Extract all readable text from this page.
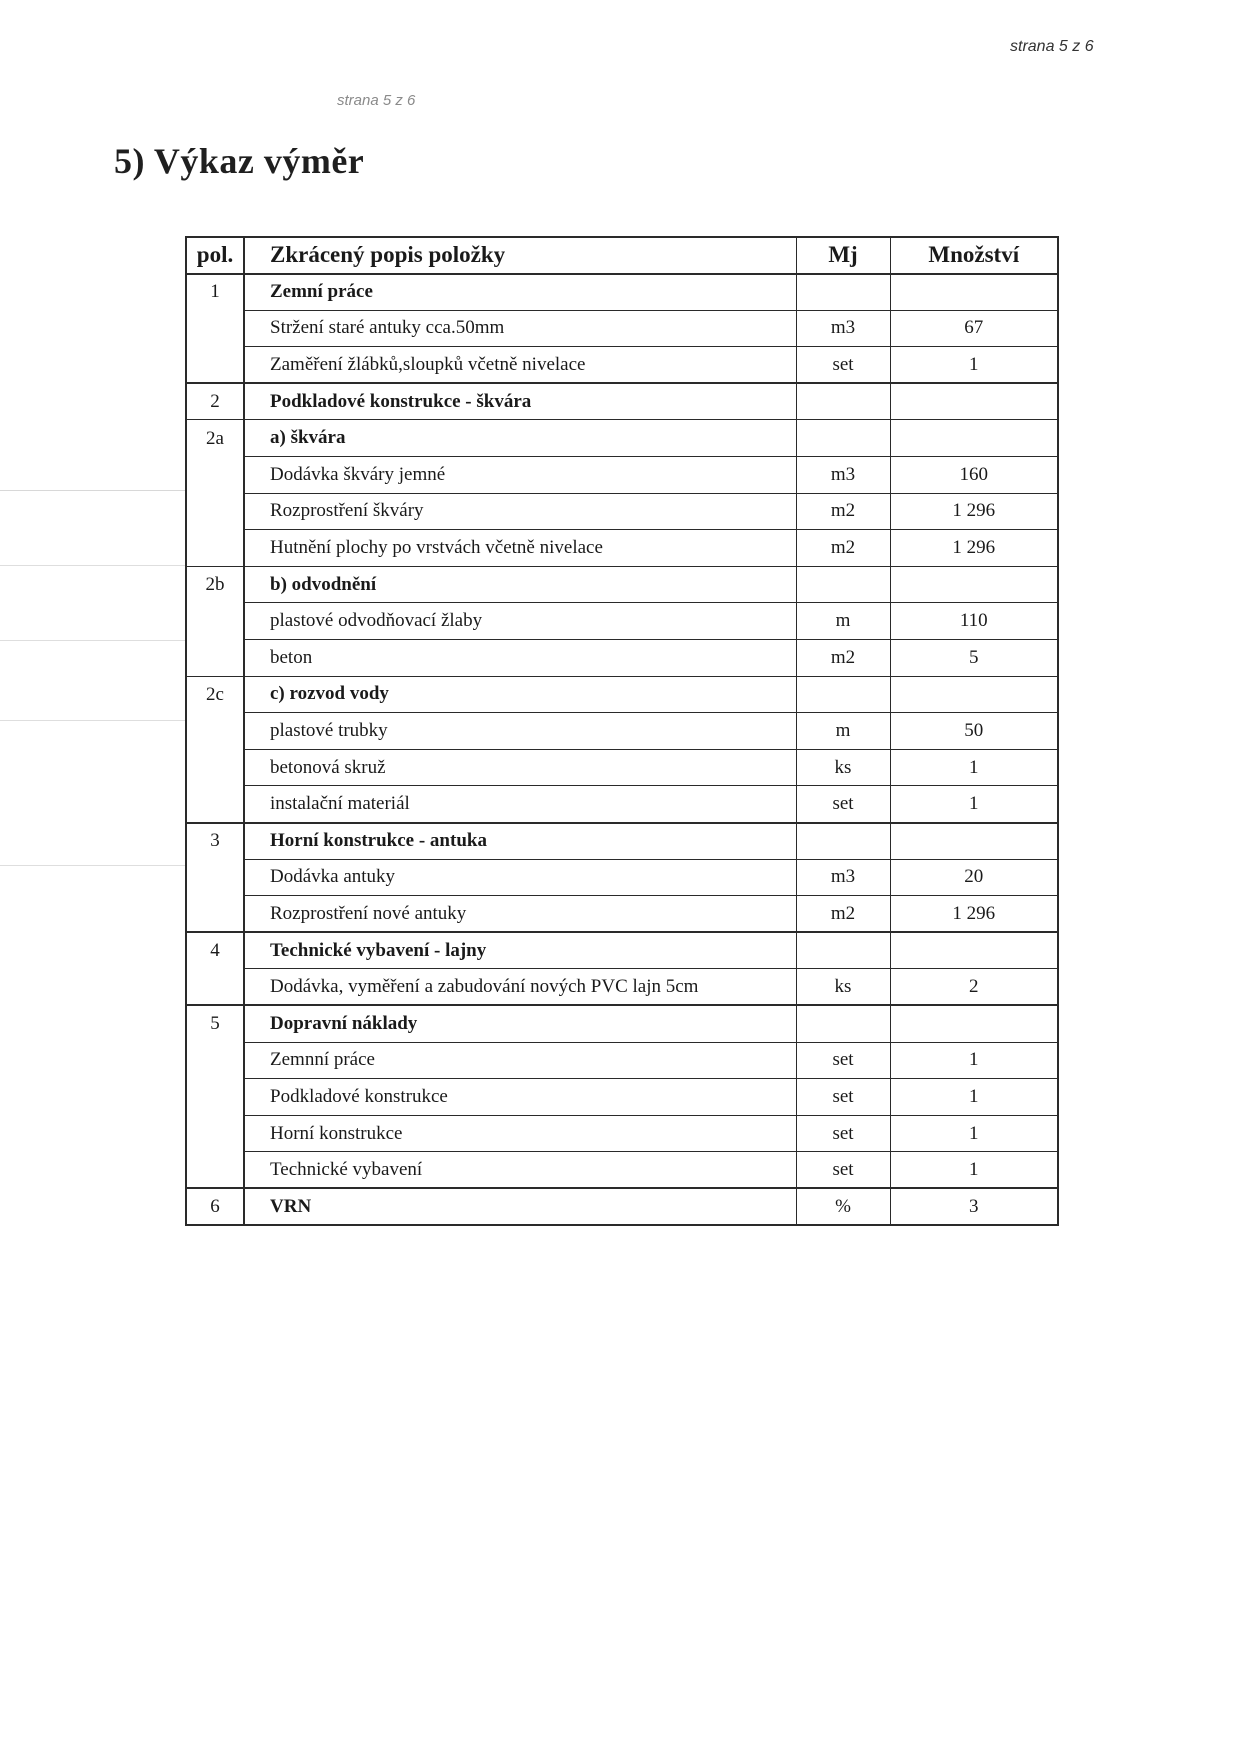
strana 5 z 6
strana 5 z 6
5) Výkaz výměr
pol.	Zkrácený popis položky	Mj	Množství
1	Zemní práce		
	Stržení staré antuky cca.50mm	m3	67
	Zaměření žlábků,sloupků včetně nivelace	set	1
2	Podkladové konstrukce - škvára		
2a	a) škvára		
	Dodávka škváry jemné	m3	160
	Rozprostření škváry	m2	1 296
	Hutnění plochy po vrstvách včetně nivelace	m2	1 296
2b	b) odvodnění		
	plastové odvodňovací žlaby	m	110
	beton	m2	5
2c	c) rozvod vody		
	plastové trubky	m	50
	betonová skruž	ks	1
	instalační materiál	set	1
3	Horní konstrukce - antuka		
	Dodávka antuky	m3	20
	Rozprostření nové antuky	m2	1 296
4	Technické vybavení - lajny		
	Dodávka, vyměření a zabudování nových PVC lajn 5cm	ks	2
5	Dopravní náklady		
	Zemnní práce	set	1
	Podkladové konstrukce	set	1
	Horní konstrukce	set	1
	Technické vybavení	set	1
6	VRN	%	3
